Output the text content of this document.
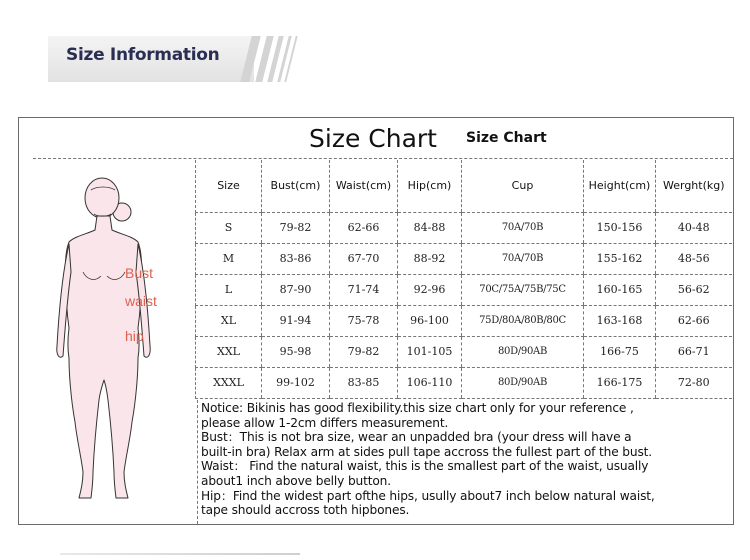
Size Information
Size Chart Size Chart
Bust
waist
hip
Size	Bust(cm)	Waist(cm)	Hip(cm)	Cup	Height(cm)	Werght(kg)
S	79-82	62-66	84-88	70A/70B	150-156	40-48
M	83-86	67-70	88-92	70A/70B	155-162	48-56
L	87-90	71-74	92-96	70C/75A/75B/75C	160-165	56-62
XL	91-94	75-78	96-100	75D/80A/80B/80C	163-168	62-66
XXL	95-98	79-82	101-105	80D/90AB	166-75	66-71
XXXL	99-102	83-85	106-110	80D/90AB	166-175	72-80

Notice: Bikinis has good flexibility.this size chart only for your reference ,

please allow 1-2cm differs measurement.

Bust：This is not bra size, wear an unpadded bra (your dress will have a

built-in bra) Relax arm at sides pull tape accross the fullest part of the bust.

Waist： Find the natural waist, this is the smallest part of the waist, usually

about1 inch above belly button.

Hip：Find the widest part ofthe hips, usully about7 inch below natural waist,

tape should accross toth hipbones.
